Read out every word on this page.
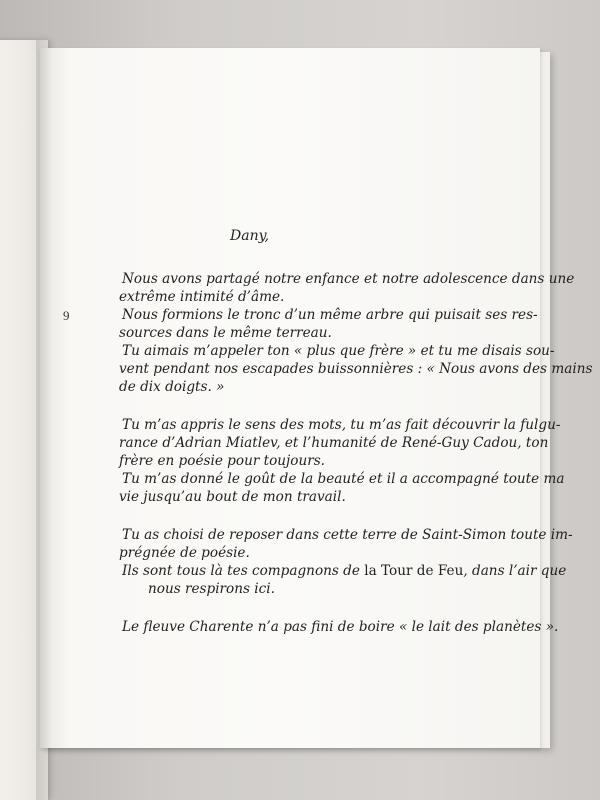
Dany,
9
Nous avons partagé notre enfance et notre adolescence dans une
extrême intimité d’âme.
Nous formions le tronc d’un même arbre qui puisait ses res-
sources dans le même terreau.
Tu aimais m’appeler ton « plus que frère » et tu me disais sou-
vent pendant nos escapades buissonnières : « Nous avons des mains
de dix doigts. »
Tu m’as appris le sens des mots, tu m’as fait découvrir la fulgu-
rance d’Adrian Miatlev, et l’humanité de René-Guy Cadou, ton
frère en poésie pour toujours.
Tu m’as donné le goût de la beauté et il a accompagné toute ma
vie jusqu’au bout de mon travail.
Tu as choisi de reposer dans cette terre de Saint-Simon toute im-
prégnée de poésie.
Ils sont tous là tes compagnons de la Tour de Feu, dans l’air que
nous respirons ici.
Le fleuve Charente n’a pas fini de boire « le lait des planètes ».
